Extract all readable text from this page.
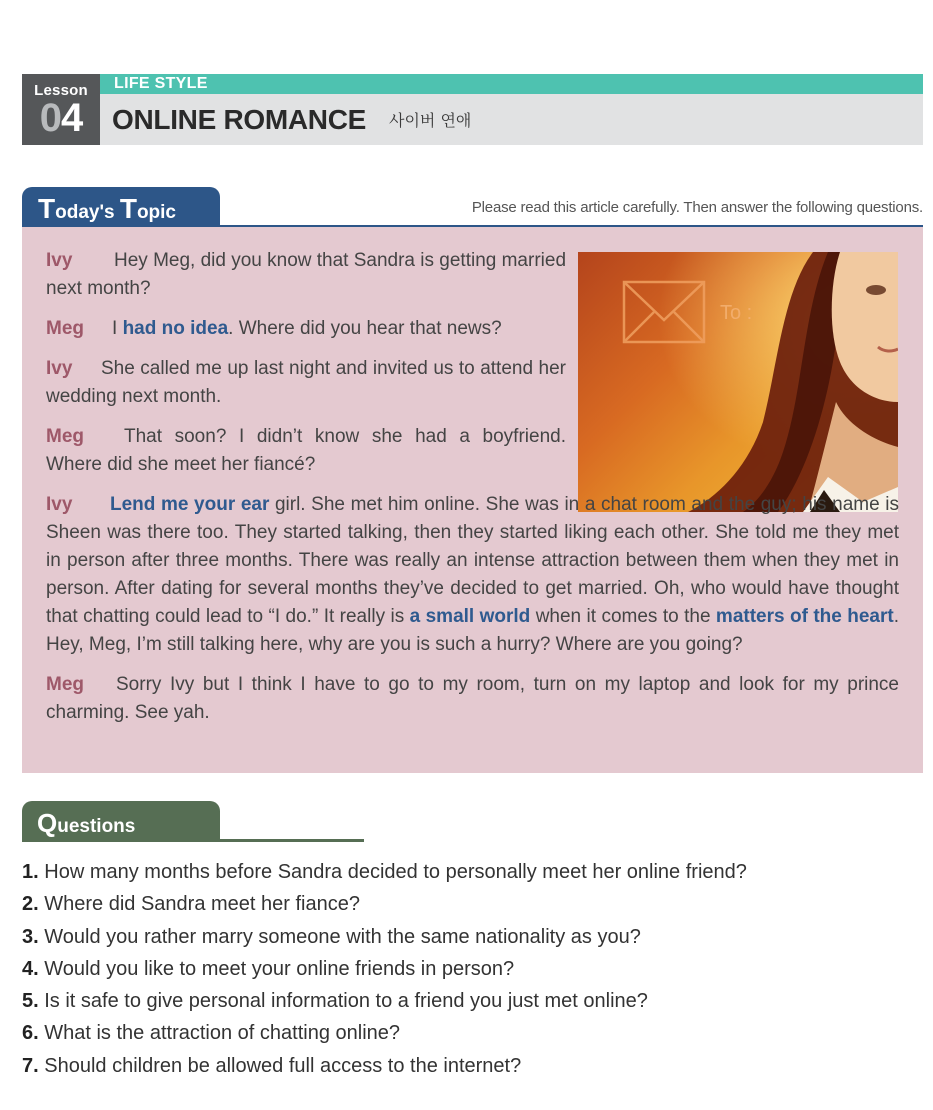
Lesson
04
LIFE STYLE
ONLINE ROMANCE 사이버 연애
Today's Topic	Please read this article carefully. Then answer the following questions.
To :

Ivy Hey Meg, did you know that Sandra is getting married next month?

Meg I had no idea. Where did you hear that news?

Ivy She called me up last night and invited us to attend her wedding next month.

Meg That soon? I didn’t know she had a boyfriend. Where did she meet her fiancé?

Ivy Lend me your ear girl. She met him online. She was in a chat room and the guy; his name is Sheen was there too. They started talking, then they started liking each other. She told me they met in person after three months. There was really an intense attraction between them when they met in person. After dating for several months they’ve decided to get married. Oh, who would have thought that chatting could lead to “I do.” It really is a small world when it comes to the matters of the heart. Hey, Meg, I’m still talking here, why are you is such a hurry? Where are you going?

Meg Sorry Ivy but I think I have to go to my room, turn on my laptop and look for my prince charming. See yah.

Questions
1. How many months before Sandra decided to personally meet her online friend?
2. Where did Sandra meet her fiance?
3. Would you rather marry someone with the same nationality as you?
4. Would you like to meet your online friends in person?
5. Is it safe to give personal information to a friend you just met online?
6. What is the attraction of chatting online?
7. Should children be allowed full access to the internet?
